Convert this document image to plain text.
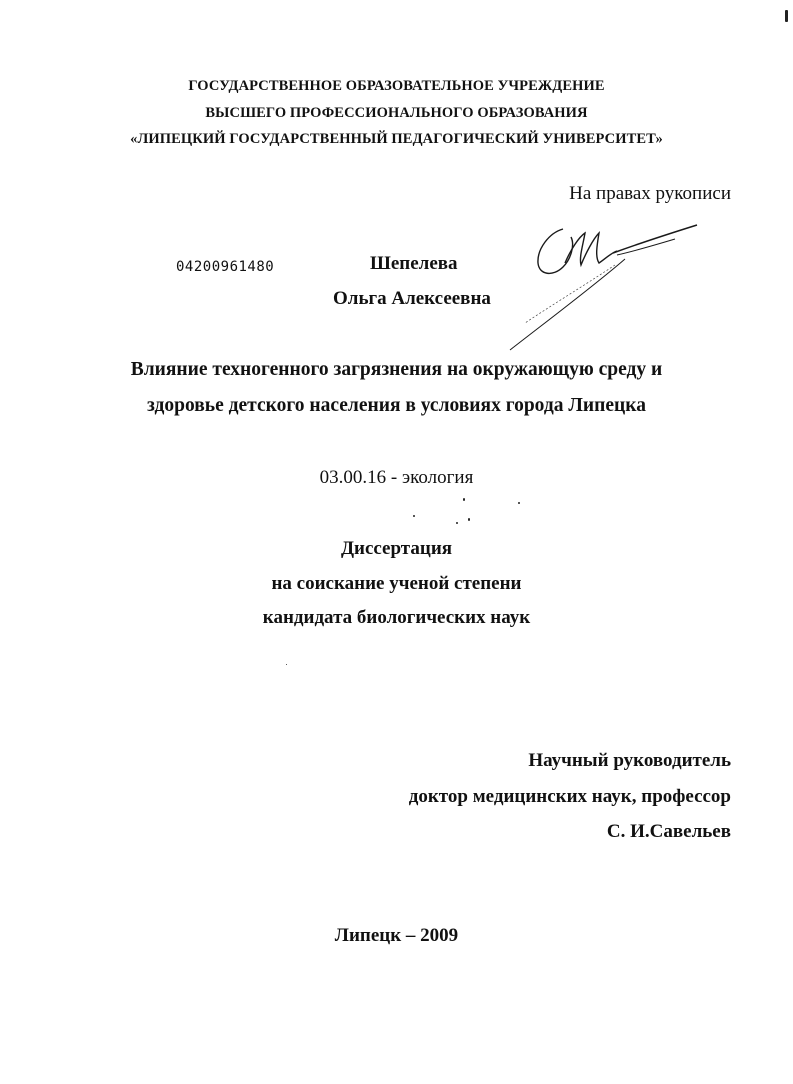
ГОСУДАРСТВЕННОЕ ОБРАЗОВАТЕЛЬНОЕ УЧРЕЖДЕНИЕ
ВЫСШЕГО ПРОФЕССИОНАЛЬНОГО ОБРАЗОВАНИЯ
«ЛИПЕЦКИЙ ГОСУДАРСТВЕННЫЙ ПЕДАГОГИЧЕСКИЙ УНИВЕРСИТЕТ»
На правах рукописи
04200961480	Шепелева
Ольга Алексеевна
Влияние техногенного загрязнения на окружающую среду и
здоровье детского населения в условиях города Липецка
03.00.16 - экология
Диссертация
на соискание ученой степени
кандидата биологических наук
Научный руководитель
доктор медицинских наук, профессор
С. И.Савельев
Липецк – 2009
